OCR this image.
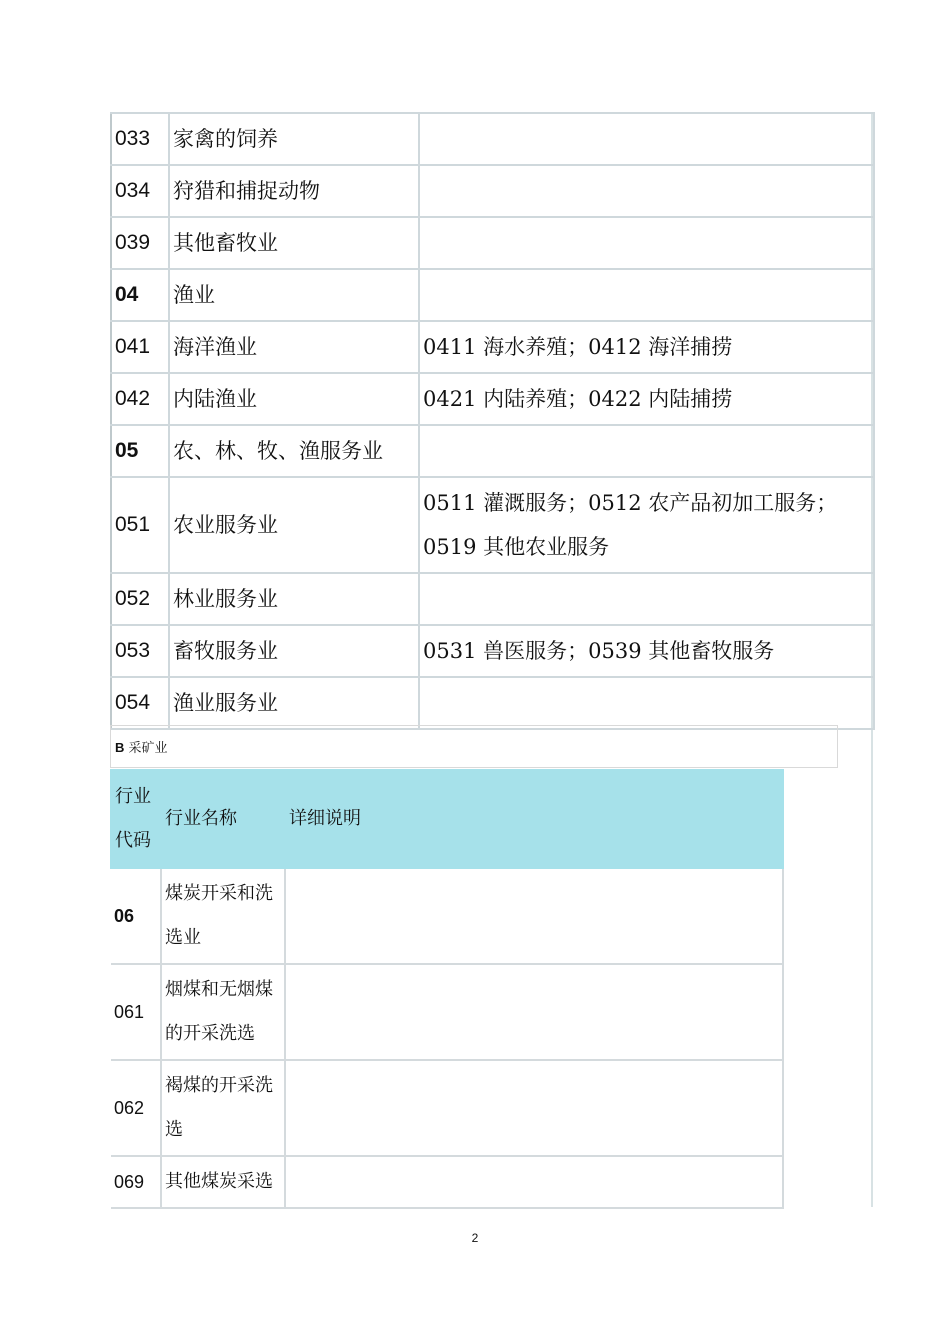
033	家禽的饲养	
034	狩猎和捕捉动物	
039	其他畜牧业	
04	渔业	
041	海洋渔业	0411 海水养殖；0412 海洋捕捞
042	内陆渔业	0421 内陆养殖；0422 内陆捕捞
05	农、林、牧、渔服务业	
051	农业服务业	0511 灌溉服务；0512 农产品初加工服务；
0519 其他农业服务

052	林业服务业	
053	畜牧服务业	0531 兽医服务；0539 其他畜牧服务
054	渔业服务业	
B 采矿业
行业
代码	行业名称	详细说明
06	煤炭开采和洗
选业	

061	烟煤和无烟煤
的开采洗选	

062	褐煤的开采洗
选	

069	其他煤炭采选	

2
